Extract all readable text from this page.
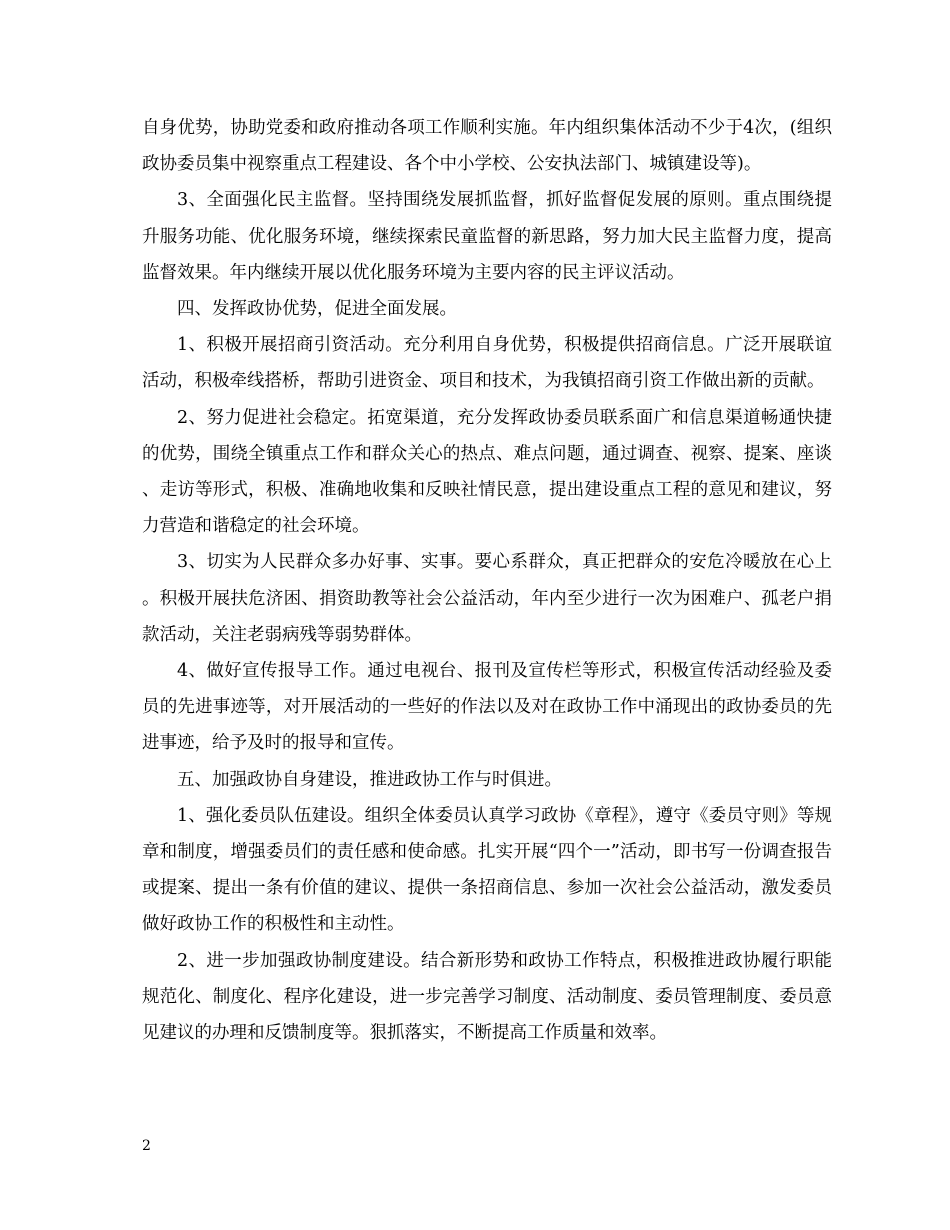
自身优势，协助党委和政府推动各项工作顺利实施。年内组织集体活动不少于4次，(组织政协委员集中视察重点工程建设、各个中小学校、公安执法部门、城镇建设等)。

3、全面强化民主监督。坚持围绕发展抓监督，抓好监督促发展的原则。重点围绕提升服务功能、优化服务环境，继续探索民童监督的新思路，努力加大民主监督力度，提高监督效果。年内继续开展以优化服务环境为主要内容的民主评议活动。

四、发挥政协优势，促进全面发展。

1、积极开展招商引资活动。充分利用自身优势，积极提供招商信息。广泛开展联谊活动，积极牵线搭桥，帮助引进资金、项目和技术，为我镇招商引资工作做出新的贡献。

2、努力促进社会稳定。拓宽渠道，充分发挥政协委员联系面广和信息渠道畅通快捷的优势，围绕全镇重点工作和群众关心的热点、难点问题，通过调查、视察、提案、座谈、走访等形式，积极、准确地收集和反映社情民意，提出建设重点工程的意见和建议，努力营造和谐稳定的社会环境。

3、切实为人民群众多办好事、实事。要心系群众，真正把群众的安危冷暖放在心上。积极开展扶危济困、捐资助教等社会公益活动，年内至少进行一次为困难户、孤老户捐款活动，关注老弱病残等弱势群体。

4、做好宣传报导工作。通过电视台、报刊及宣传栏等形式，积极宣传活动经验及委员的先进事迹等，对开展活动的一些好的作法以及对在政协工作中涌现出的政协委员的先进事迹，给予及时的报导和宣传。

五、加强政协自身建设，推进政协工作与时俱进。

1、强化委员队伍建设。组织全体委员认真学习政协《章程》，遵守《委员守则》等规章和制度，增强委员们的责任感和使命感。扎实开展“四个一”活动，即书写一份调查报告或提案、提出一条有价值的建议、提供一条招商信息、参加一次社会公益活动，激发委员做好政协工作的积极性和主动性。

2、进一步加强政协制度建设。结合新形势和政协工作特点，积极推进政协履行职能规范化、制度化、程序化建设，进一步完善学习制度、活动制度、委员管理制度、委员意见建议的办理和反馈制度等。狠抓落实，不断提高工作质量和效率。

2
